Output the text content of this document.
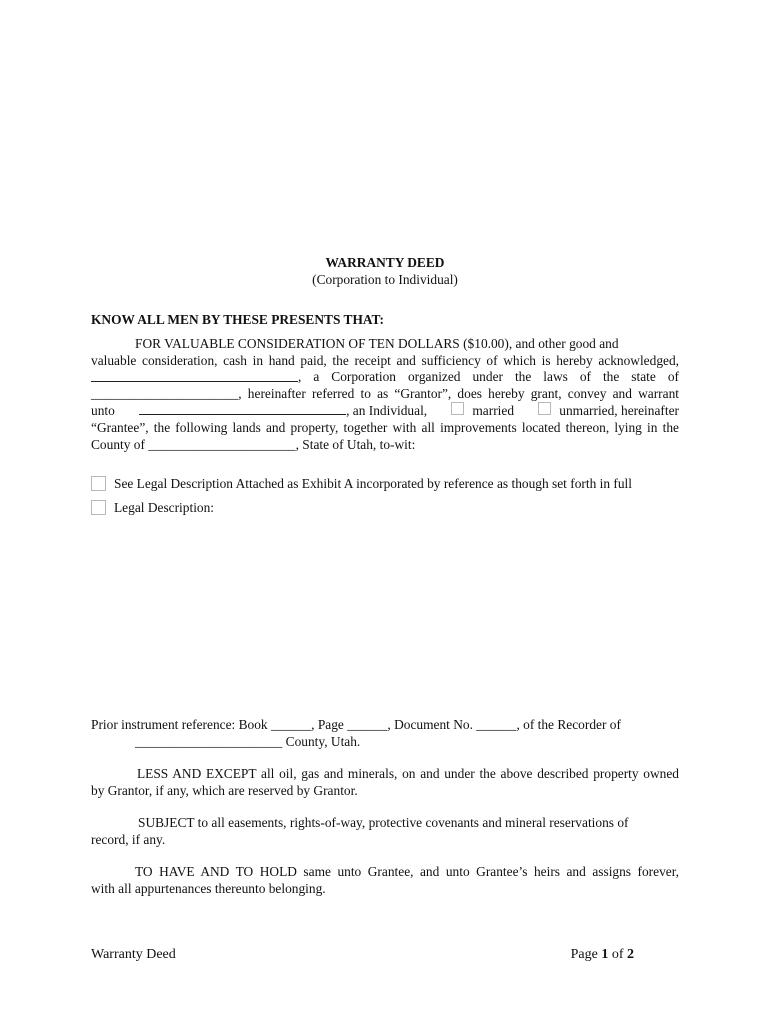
WARRANTY DEED
(Corporation to Individual)
KNOW ALL MEN BY THESE PRESENTS THAT:
FOR VALUABLE CONSIDERATION OF TEN DOLLARS ($10.00), and other good and
valuable consideration, cash in hand paid, the receipt and sufficiency of which is hereby acknowledged,
, a Corporation organized under the laws of the state of
______________________, hereinafter referred to as “Grantor”, does hereby grant, convey and warrant
unto	, an Individual,	married	unmarried, hereinafter
“Grantee”, the following lands and property, together with all improvements located thereon, lying in the
County of ______________________, State of Utah, to-wit:
See Legal Description Attached as Exhibit A incorporated by reference as though set forth in full
Legal Description:
Prior instrument reference: Book ______, Page ______, Document No. ______, of the Recorder of
______________________ County, Utah.
LESS AND EXCEPT all oil, gas and minerals, on and under the above described property owned
by Grantor, if any, which are reserved by Grantor.
SUBJECT to all easements, rights-of-way, protective covenants and mineral reservations of
record, if any.
TO HAVE AND TO HOLD same unto Grantee, and unto Grantee’s heirs and assigns forever,
with all appurtenances thereunto belonging.
Warranty Deed	Page 1 of 2
